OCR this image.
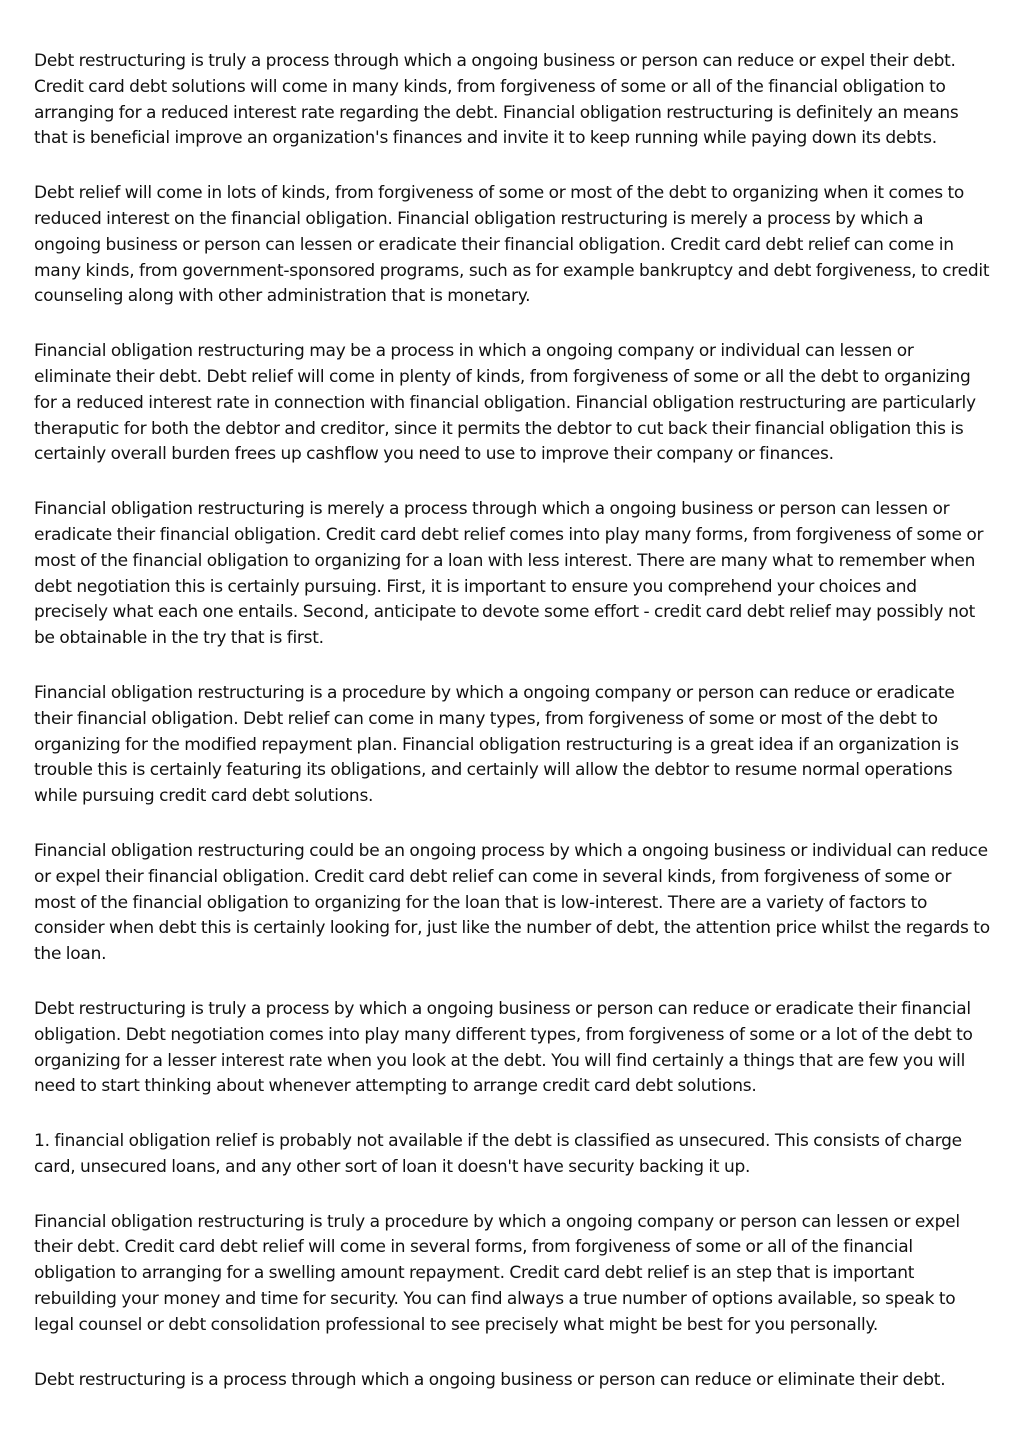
Debt restructuring is truly a process through which a ongoing business or person can reduce or expel their debt. Credit card debt solutions will come in many kinds, from forgiveness of some or all of the financial obligation to arranging for a reduced interest rate regarding the debt. Financial obligation restructuring is definitely an means that is beneficial improve an organization's finances and invite it to keep running while paying down its debts.

Debt relief will come in lots of kinds, from forgiveness of some or most of the debt to organizing when it comes to reduced interest on the financial obligation. Financial obligation restructuring is merely a process by which a ongoing business or person can lessen or eradicate their financial obligation. Credit card debt relief can come in many kinds, from government-sponsored programs, such as for example bankruptcy and debt forgiveness, to credit counseling along with other administration that is monetary.

Financial obligation restructuring may be a process in which a ongoing company or individual can lessen or eliminate their debt. Debt relief will come in plenty of kinds, from forgiveness of some or all the debt to organizing for a reduced interest rate in connection with financial obligation. Financial obligation restructuring are particularly theraputic for both the debtor and creditor, since it permits the debtor to cut back their financial obligation this is certainly overall burden frees up cashflow you need to use to improve their company or finances.

Financial obligation restructuring is merely a process through which a ongoing business or person can lessen or eradicate their financial obligation. Credit card debt relief comes into play many forms, from forgiveness of some or most of the financial obligation to organizing for a loan with less interest. There are many what to remember when debt negotiation this is certainly pursuing. First, it is important to ensure you comprehend your choices and precisely what each one entails. Second, anticipate to devote some effort - credit card debt relief may possibly not be obtainable in the try that is first.

Financial obligation restructuring is a procedure by which a ongoing company or person can reduce or eradicate their financial obligation. Debt relief can come in many types, from forgiveness of some or most of the debt to organizing for the modified repayment plan. Financial obligation restructuring is a great idea if an organization is trouble this is certainly featuring its obligations, and certainly will allow the debtor to resume normal operations while pursuing credit card debt solutions.

Financial obligation restructuring could be an ongoing process by which a ongoing business or individual can reduce or expel their financial obligation. Credit card debt relief can come in several kinds, from forgiveness of some or most of the financial obligation to organizing for the loan that is low-interest. There are a variety of factors to consider when debt this is certainly looking for, just like the number of debt, the attention price whilst the regards to the loan.

Debt restructuring is truly a process by which a ongoing business or person can reduce or eradicate their financial obligation. Debt negotiation comes into play many different types, from forgiveness of some or a lot of the debt to organizing for a lesser interest rate when you look at the debt. You will find certainly a things that are few you will need to start thinking about whenever attempting to arrange credit card debt solutions.

1. financial obligation relief is probably not available if the debt is classified as unsecured. This consists of charge card, unsecured loans, and any other sort of loan it doesn't have security backing it up.

Financial obligation restructuring is truly a procedure by which a ongoing company or person can lessen or expel their debt. Credit card debt relief will come in several forms, from forgiveness of some or all of the financial obligation to arranging for a swelling amount repayment. Credit card debt relief is an step that is important rebuilding your money and time for security. You can find always a true number of options available, so speak to legal counsel or debt consolidation professional to see precisely what might be best for you personally.

Debt restructuring is a process through which a ongoing business or person can reduce or eliminate their debt.
